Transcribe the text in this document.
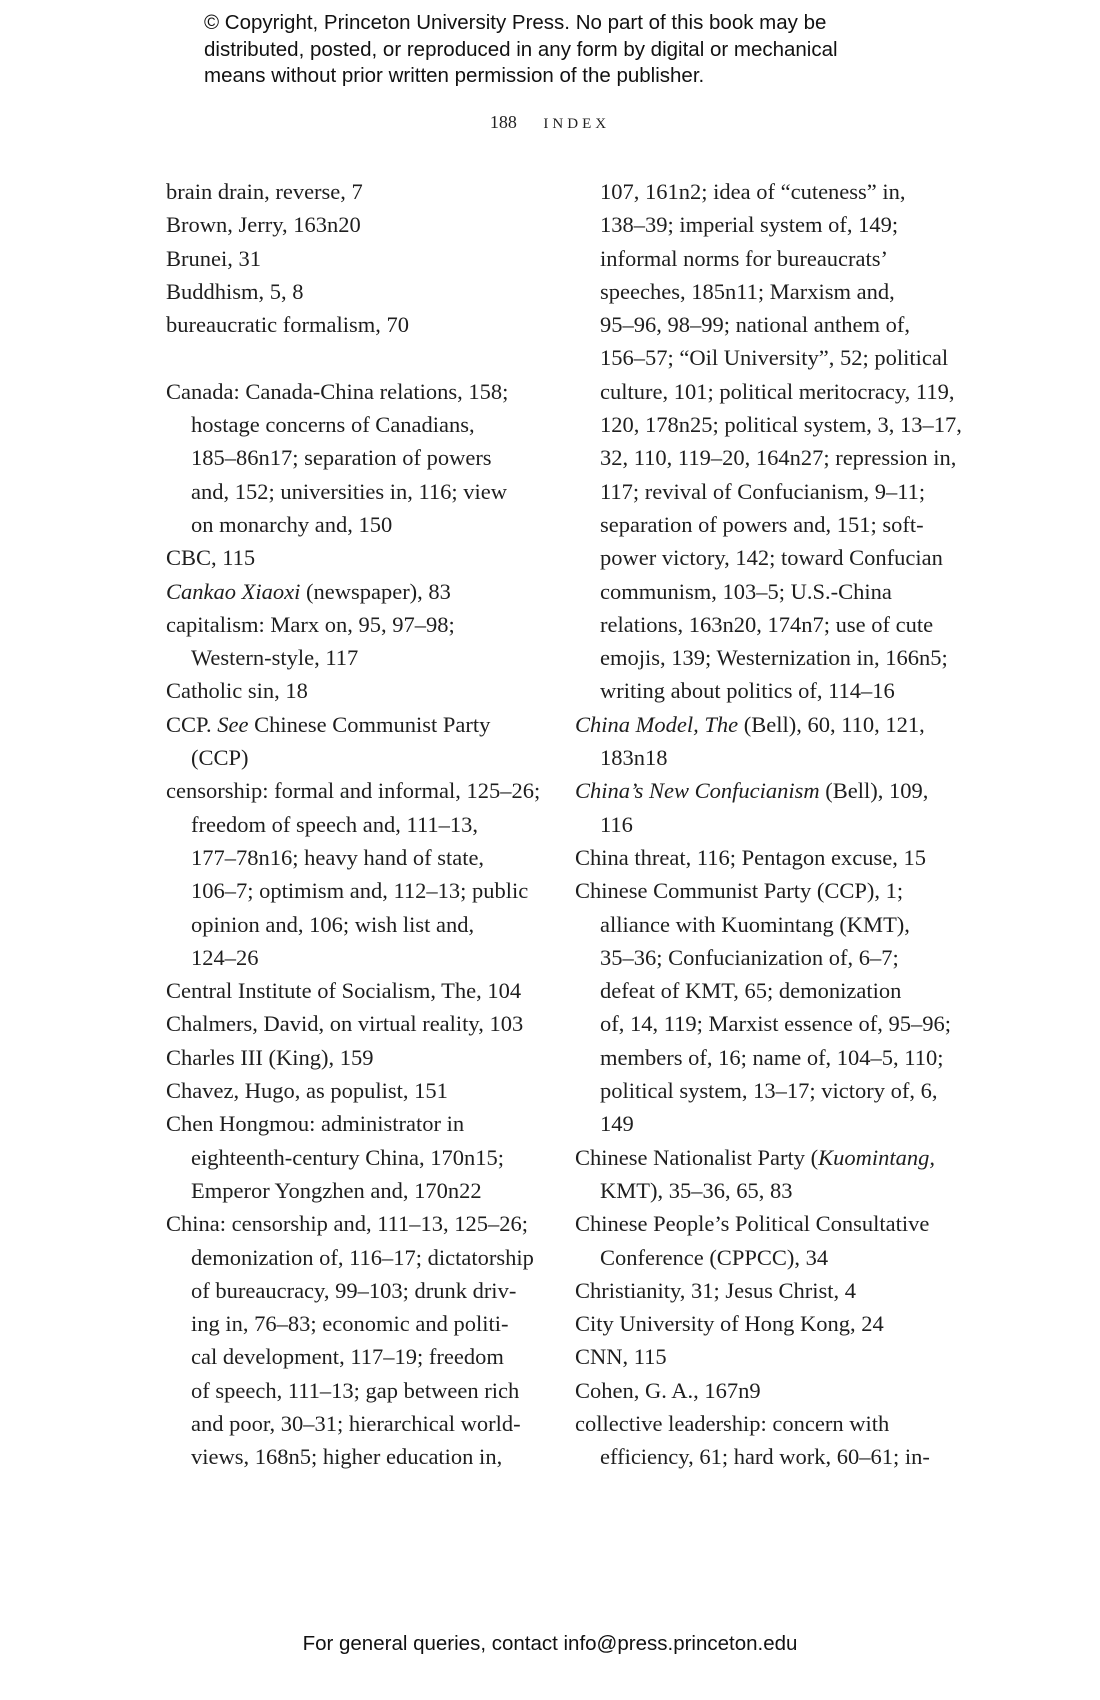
© Copyright, Princeton University Press. No part of this book may be
distributed, posted, or reproduced in any form by digital or mechanical
means without prior written permission of the publisher.
188 INDEX
brain drain, reverse, 7
Brown, Jerry, 163n20
Brunei, 31
Buddhism, 5, 8
bureaucratic formalism, 70
Canada: Canada-China relations, 158;
hostage concerns of Canadians,
185–86n17; separation of powers
and, 152; universities in, 116; view
on monarchy and, 150
CBC, 115
Cankao Xiaoxi (newspaper), 83
capitalism: Marx on, 95, 97–98;
Western-style, 117
Catholic sin, 18
CCP. See Chinese Communist Party
(CCP)
censorship: formal and informal, 125–26;
freedom of speech and, 111–13,
177–78n16; heavy hand of state,
106–7; optimism and, 112–13; public
opinion and, 106; wish list and,
124–26
Central Institute of Socialism, The, 104
Chalmers, David, on virtual reality, 103
Charles III (King), 159
Chavez, Hugo, as populist, 151
Chen Hongmou: administrator in
eighteenth-century China, 170n15;
Emperor Yongzhen and, 170n22
China: censorship and, 111–13, 125–26;
demonization of, 116–17; dictatorship
of bureaucracy, 99–103; drunk driv-
ing in, 76–83; economic and politi-
cal development, 117–19; freedom
of speech, 111–13; gap between rich
and poor, 30–31; hierarchical world-
views, 168n5; higher education in,
107, 161n2; idea of “cuteness” in,
138–39; imperial system of, 149;
informal norms for bureaucrats’
speeches, 185n11; Marxism and,
95–96, 98–99; national anthem of,
156–57; “Oil University”, 52; political
culture, 101; political meritocracy, 119,
120, 178n25; political system, 3, 13–17,
32, 110, 119–20, 164n27; repression in,
117; revival of Confucianism, 9–11;
separation of powers and, 151; soft-
power victory, 142; toward Confucian
communism, 103–5; U.S.-China
relations, 163n20, 174n7; use of cute
emojis, 139; Westernization in, 166n5;
writing about politics of, 114–16
China Model, The (Bell), 60, 110, 121,
183n18
China’s New Confucianism (Bell), 109,
116
China threat, 116; Pentagon excuse, 15
Chinese Communist Party (CCP), 1;
alliance with Kuomintang (KMT),
35–36; Confucianization of, 6–7;
defeat of KMT, 65; demonization
of, 14, 119; Marxist essence of, 95–96;
members of, 16; name of, 104–5, 110;
political system, 13–17; victory of, 6,
149
Chinese Nationalist Party (Kuomintang,
KMT), 35–36, 65, 83
Chinese People’s Political Consultative
Conference (CPPCC), 34
Christianity, 31; Jesus Christ, 4
City University of Hong Kong, 24
CNN, 115
Cohen, G. A., 167n9
collective leadership: concern with
efficiency, 61; hard work, 60–61; in-
For general queries, contact info@press.princeton.edu
